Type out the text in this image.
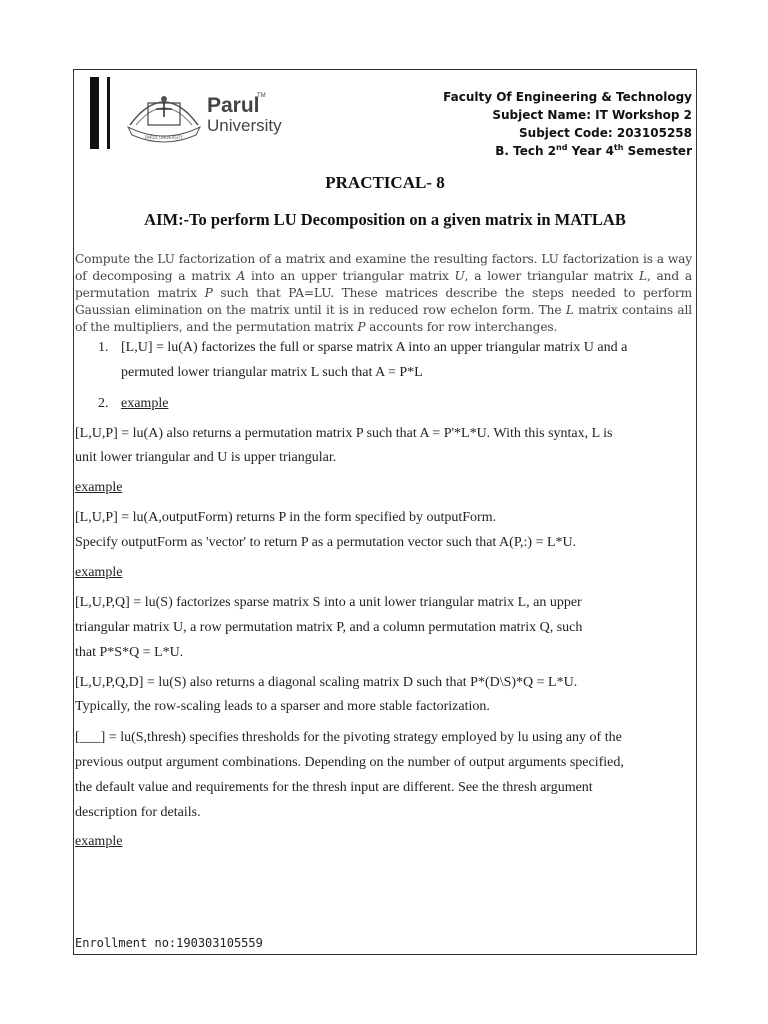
PARUL UNIVERSITY
Parul
University
TM	Faculty Of Engineering & Technology
Subject Name: IT Workshop 2
Subject Code: 203105258
B. Tech 2nd Year 4th Semester
PRACTICAL- 8
AIM:-To perform LU Decomposition on a given matrix in MATLAB
Compute the LU factorization of a matrix and examine the resulting factors. LU factorization is a way of decomposing a matrix A into an upper triangular matrix U, a lower triangular matrix L, and a permutation matrix P such that PA=LU. These matrices describe the steps needed to perform Gaussian elimination on the matrix until it is in reduced row echelon form. The L matrix contains all of the multipliers, and the permutation matrix P accounts for row interchanges.
1. [L,U] = lu(A) factorizes the full or sparse matrix A into an upper triangular matrix U and a
permuted lower triangular matrix L such that A = P*L
2. example
[L,U,P] = lu(A) also returns a permutation matrix P such that A = P'*L*U. With this syntax, L is
unit lower triangular and U is upper triangular.
example
[L,U,P] = lu(A,outputForm) returns P in the form specified by outputForm.
Specify outputForm as 'vector' to return P as a permutation vector such that A(P,:) = L*U.
example
[L,U,P,Q] = lu(S) factorizes sparse matrix S into a unit lower triangular matrix L, an upper
triangular matrix U, a row permutation matrix P, and a column permutation matrix Q, such
that P*S*Q = L*U.
[L,U,P,Q,D] = lu(S) also returns a diagonal scaling matrix D such that P*(D\S)*Q = L*U.
Typically, the row-scaling leads to a sparser and more stable factorization.
[___] = lu(S,thresh) specifies thresholds for the pivoting strategy employed by lu using any of the
previous output argument combinations. Depending on the number of output arguments specified,
the default value and requirements for the thresh input are different. See the thresh argument
description for details.
example
Enrollment no:190303105559
